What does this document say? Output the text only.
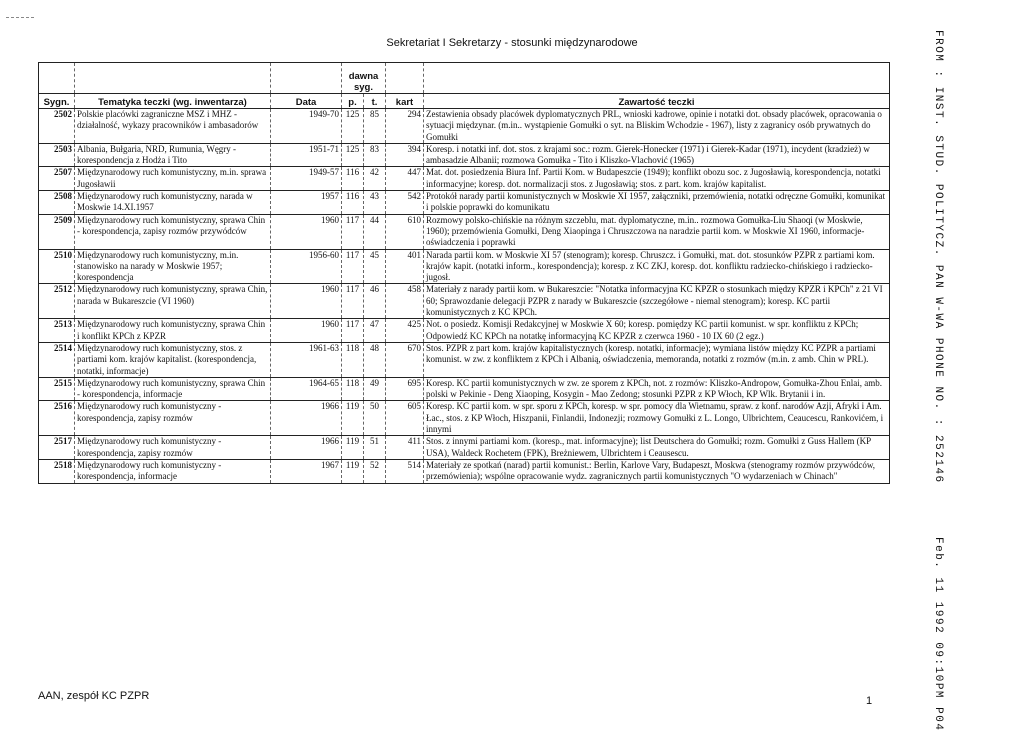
Sekretariat I Sekretarzy - stosunki międzynarodowe
			dawna syg.			
Sygn.	Tematyka teczki (wg. inwentarza)	Data	p.	t.	kart	Zawartość teczki
2502	Polskie placówki zagraniczne MSZ i MHZ - działalność, wykazy pracowników i ambasadorów	1949-70	125	85	294	Zestawienia obsady placówek dyplomatycznych PRL, wnioski kadrowe, opinie i notatki dot. obsady placówek, opracowania o sytuacji międzynar. (m.in.. wystąpienie Gomułki o syt. na Bliskim Wchodzie - 1967), listy z zagranicy osób prywatnych do Gomułki
2503	Albania, Bułgaria, NRD, Rumunia, Węgry - korespondencja z Hodża i Tito	1951-71	125	83	394	Koresp. i notatki inf. dot. stos. z krajami soc.: rozm. Gierek-Honecker (1971) i Gierek-Kadar (1971), incydent (kradzież) w ambasadzie Albanii; rozmowa Gomułka - Tito i Kliszko-Vlachović (1965)
2507	Międzynarodowy ruch komunistyczny, m.in. sprawa Jugosławii	1949-57	116	42	447	Mat. dot. posiedzenia Biura Inf. Partii Kom. w Budapeszcie (1949); konflikt obozu soc. z Jugosławią, korespondencja, notatki informacyjne; koresp. dot. normalizacji stos. z Jugosławią; stos. z part. kom. krajów kapitalist.
2508	Międzynarodowy ruch komunistyczny, narada w Moskwie 14.XI.1957	1957	116	43	542	Protokół narady partii komunistycznych w Moskwie XI 1957, załączniki, przemówienia, notatki odręczne Gomułki, komunikat i polskie poprawki do komunikatu
2509	Międzynarodowy ruch komunistyczny, sprawa Chin - korespondencja, zapisy rozmów przywódców	1960	117	44	610	Rozmowy polsko-chińskie na różnym szczeblu, mat. dyplomatyczne, m.in.. rozmowa Gomułka-Liu Shaoqi (w Moskwie, 1960); przemówienia Gomułki, Deng Xiaopinga i Chruszczowa na naradzie partii kom. w Moskwie XI 1960, informacje-oświadczenia i poprawki
2510	Międzynarodowy ruch komunistyczny, m.in. stanowisko na narady w Moskwie 1957; korespondencja	1956-60	117	45	401	Narada partii kom. w Moskwie XI 57 (stenogram); koresp. Chruszcz. i Gomułki, mat. dot. stosunków PZPR z partiami kom. krajów kapit. (notatki inform., korespondencja); koresp. z KC ZKJ, koresp. dot. konfliktu radziecko-chińskiego i radziecko-jugosł.
2512	Międzynarodowy ruch komunistyczny, sprawa Chin, narada w Bukareszcie (VI 1960)	1960	117	46	458	Materiały z narady partii kom. w Bukareszcie: "Notatka informacyjna KC KPZR o stosunkach między KPZR i KPCh" z 21 VI 60; Sprawozdanie delegacji PZPR z narady w Bukareszcie (szczegółowe - niemal stenogram); koresp. KC partii komunistycznych z KC KPCh.
2513	Międzynarodowy ruch komunistyczny, sprawa Chin i konflikt KPCh z KPZR	1960	117	47	425	Not. o posiedz. Komisji Redakcyjnej w Moskwie X 60; koresp. pomiędzy KC partii komunist. w spr. konfliktu z KPCh; Odpowiedź KC KPCh na notatkę informacyjną KC KPZR z czerwca 1960 - 10 IX 60 (2 egz.)
2514	Międzynarodowy ruch komunistyczny, stos. z partiami kom. krajów kapitalist. (korespondencja, notatki, informacje)	1961-63	118	48	670	Stos. PZPR z part kom. krajów kapitalistycznych (koresp. notatki, informacje); wymiana listów między KC PZPR a partiami komunist. w zw. z konfliktem z KPCh i Albanią, oświadczenia, memoranda, notatki z rozmów (m.in. z amb. Chin w PRL).
2515	Międzynarodowy ruch komunistyczny, sprawa Chin - korespondencja, informacje	1964-65	118	49	695	Koresp. KC partii komunistycznych w zw. ze sporem z KPCh, not. z rozmów: Kliszko-Andropow, Gomułka-Zhou Enlai, amb. polski w Pekinie - Deng Xiaoping, Kosygin - Mao Zedong; stosunki PZPR z KP Włoch, KP Wlk. Brytanii i in.
2516	Międzynarodowy ruch komunistyczny - korespondencja, zapisy rozmów	1966	119	50	605	Koresp. KC partii kom. w spr. sporu z KPCh, koresp. w spr. pomocy dla Wietnamu, spraw. z konf. narodów Azji, Afryki i Am. Łac., stos. z KP Włoch, Hiszpanii, Finlandii, Indonezji; rozmowy Gomułki z L. Longo, Ulbrichtem, Ceaucescu, Rankovićem, i innymi
2517	Międzynarodowy ruch komunistyczny - korespondencja, zapisy rozmów	1966	119	51	411	Stos. z innymi partiami kom. (koresp., mat. informacyjne); list Deutschera do Gomułki; rozm. Gomułki z Guss Hallem (KP USA), Waldeck Rochetem (FPK), Breżniewem, Ulbrichtem i Ceausescu.
2518	Międzynarodowy ruch komunistyczny - korespondencja, informacje	1967	119	52	514	Materiały ze spotkań (narad) partii komunist.: Berlin, Karlove Vary, Budapeszt, Moskwa (stenogramy rozmów przywódców, przemówienia); wspólne opracowanie wydz. zagranicznych partii komunistycznych "O wydarzeniach w Chinach"
AAN, zespół KC PZPR	1
FROM : INST. STUD. POLITYCZ. PAN W-WA PHONE NO. : 252146
Feb. 11 1992 09:10PM P04
